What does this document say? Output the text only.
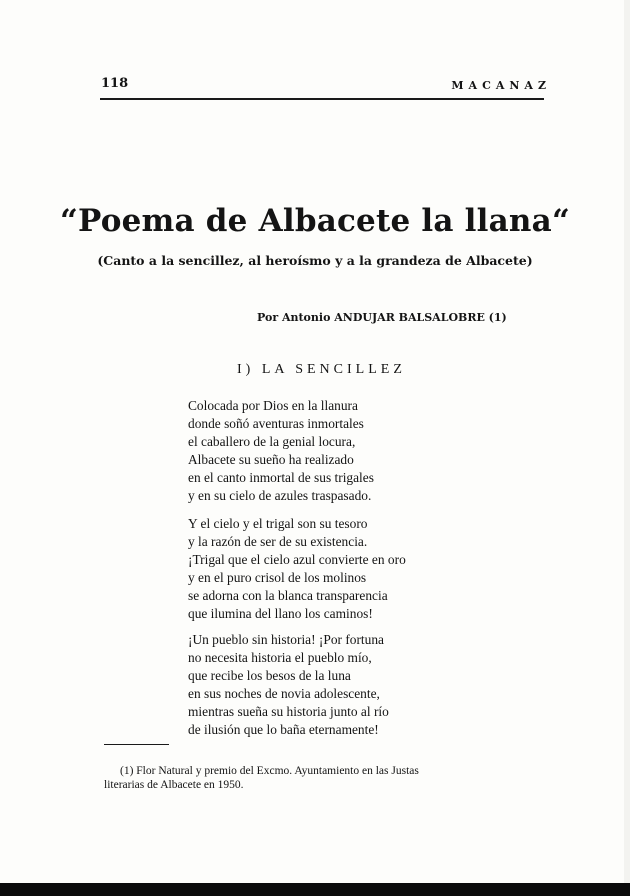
118	MACANAZ
“Poema de Albacete la llana“
(Canto a la sencillez, al heroísmo y a la grandeza de Albacete)
Por Antonio ANDUJAR BALSALOBRE (1)
I) LA SENCILLEZ
Colocada por Dios en la llanura
donde soñó aventuras inmortales
el caballero de la genial locura,
Albacete su sueño ha realizado
en el canto inmortal de sus trigales
y en su cielo de azules traspasado.
Y el cielo y el trigal son su tesoro
y la razón de ser de su existencia.
¡Trigal que el cielo azul convierte en oro
y en el puro crisol de los molinos
se adorna con la blanca transparencia
que ilumina del llano los caminos!
¡Un pueblo sin historia! ¡Por fortuna
no necesita historia el pueblo mío,
que recibe los besos de la luna
en sus noches de novia adolescente,
mientras sueña su historia junto al río
de ilusión que lo baña eternamente!
(1) Flor Natural y premio del Excmo. Ayuntamiento en las Justas
literarias de Albacete en 1950.
